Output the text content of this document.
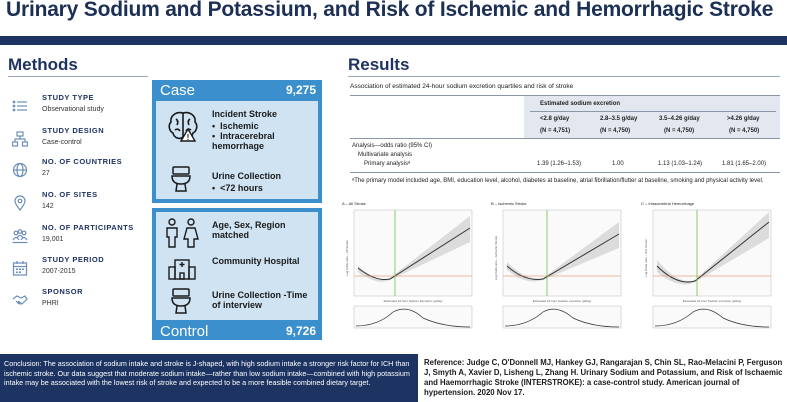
Urinary Sodium and Potassium, and Risk of Ischemic and Hemorrhagic Stroke
Methods
STUDY TYPE
Observational study
STUDY DESIGN
Case-control
NO. OF COUNTRIES
27
NO. OF SITES
142
NO. OF PARTICIPANTS
19,001
STUDY PERIOD
2007-2015
SPONSOR
PHRI
Case	9,275
!
Incident Stroke
•  Ischemic
•  Intracerebral hemorrhage
Urine Collection
•  <72 hours
Age, Sex, Region matched
Community Hospital
Urine Collection -Time of interview
Control	9,726
Results
Association of estimated 24-hour sodium excretion quartiles and risk of stroke
Estimated sodium excretion
<2.8 g/day	2.8–3.5 g/day	3.5–4.26 g/day	>4.26 g/day
(N = 4,751)	(N = 4,750)	(N = 4,750)	(N = 4,750)
Analysis—odds ratio (95% CI)
Multivariate analysis
Primary analysisᵃ	1.39 (1.26–1.53)	1.00	1.13 (1.03–1.24)	1.81 (1.65–2.00)
ᵃThe primary model included age, BMI, education level, alcohol, diabetes at baseline, atrial fibrillation/flutter at baseline, smoking and physical activity level.
A – All Stroke
Log Odds ratio – All Stroke
Estimated 24 hour Sodium Excretion (g/day)
B – Ischemic Stroke
Log Odds ratio – Ischemic Stroke
Estimated 24 hour Sodium excretion (g/day)
C – Intracerebral Hemorrhage
Log Odds ratio – ICH Stroke
Estimated 24 hour Sodium excretion (g/day)
Conclusion: The association of sodium intake and stroke is J-shaped, with high sodium intake a stronger risk factor for ICH than ischemic stroke. Our data suggest that moderate sodium intake—rather than low sodium intake—combined with high potassium intake may be associated with the lowest risk of stroke and expected to be a more feasible combined dietary target.
Reference: Judge C, O'Donnell MJ, Hankey GJ, Rangarajan S, Chin SL, Rao-Melacini P, Ferguson J, Smyth A, Xavier D, Lisheng L, Zhang H. Urinary Sodium and Potassium, and Risk of Ischaemic and Haemorrhagic Stroke (INTERSTROKE): a case-control study. American journal of hypertension. 2020 Nov 17.
